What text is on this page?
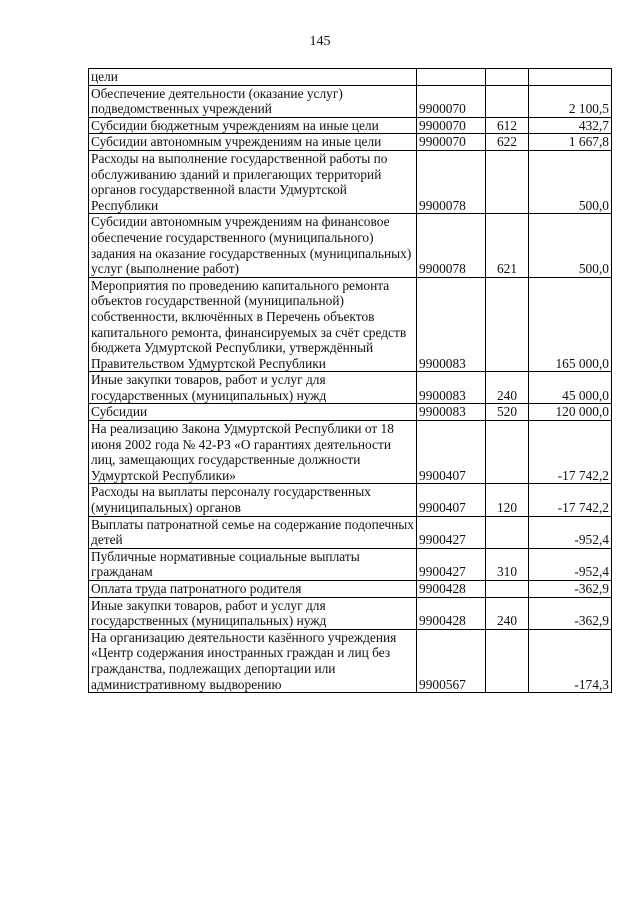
145
цели			
Обеспечение деятельности (оказание услуг) подведомственных учреждений	9900070		2 100,5
Субсидии бюджетным учреждениям на иные цели	9900070	612	432,7
Субсидии автономным учреждениям на иные цели	9900070	622	1 667,8
Расходы на выполнение государственной работы по обслуживанию зданий и прилегающих территорий органов государственной власти Удмуртской Республики	9900078		500,0
Субсидии автономным учреждениям на финансовое обеспечение государственного (муниципального) задания на оказание государственных (муниципальных) услуг (выполнение работ)	9900078	621	500,0
Мероприятия по проведению капитального ремонта объектов государственной (муниципальной) собственности, включённых в Перечень объектов капитального ремонта, финансируемых за счёт средств бюджета Удмуртской Республики, утверждённый Правительством Удмуртской Республики	9900083		165 000,0
Иные закупки товаров, работ и услуг для государственных (муниципальных) нужд	9900083	240	45 000,0
Субсидии	9900083	520	120 000,0
На реализацию Закона Удмуртской Республики от 18 июня 2002 года № 42-РЗ «О гарантиях деятельности лиц, замещающих государственные должности Удмуртской Республики»	9900407		-17 742,2
Расходы на выплаты персоналу государственных (муниципальных) органов	9900407	120	-17 742,2
Выплаты патронатной семье на содержание подопечных детей	9900427		-952,4
Публичные нормативные социальные выплаты гражданам	9900427	310	-952,4
Оплата труда патронатного родителя	9900428		-362,9
Иные закупки товаров, работ и услуг для государственных (муниципальных) нужд	9900428	240	-362,9
На организацию деятельности казённого учреждения «Центр содержания иностранных граждан и лиц без гражданства, подлежащих депортации или административному выдворению	9900567		-174,3
